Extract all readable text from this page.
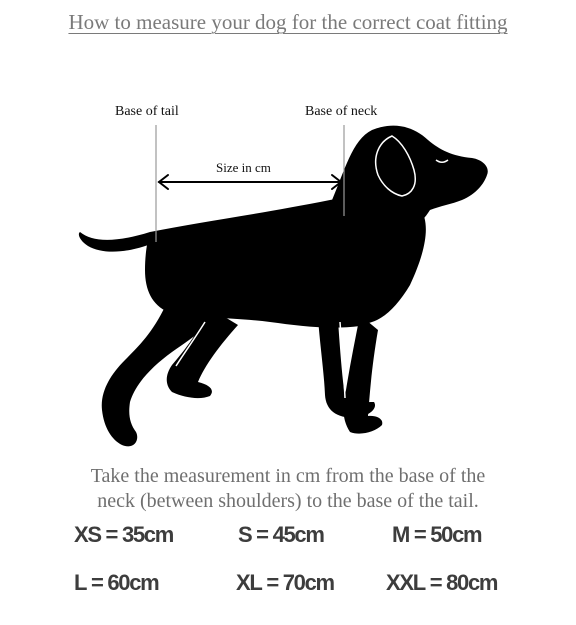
How to measure your dog for the correct coat fitting
Base of tail	Base of neck
Size in cm
Take the measurement in cm from the base of the
neck (between shoulders) to the base of the tail.
XS = 35cm	S = 45cm	M = 50cm
L = 60cm	XL = 70cm XXL = 80cm
